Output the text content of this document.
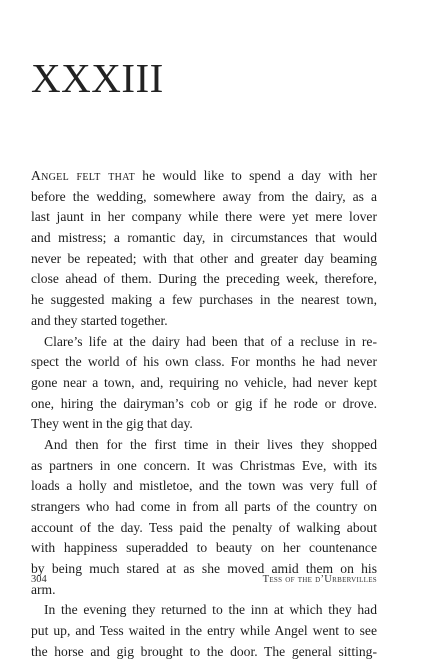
XXXIII
Angel felt that he would like to spend a day with her
before the wedding, somewhere away from the dairy, as a
last jaunt in her company while there were yet mere lover
and mistress; a romantic day, in circumstances that would
never be repeated; with that other and greater day beaming
close ahead of them. During the preceding week, therefore,
he suggested making a few purchases in the nearest town,
and they started together.
Clare’s life at the dairy had been that of a recluse in re-
spect the world of his own class. For months he had never
gone near a town, and, requiring no vehicle, had never kept
one, hiring the dairyman’s cob or gig if he rode or drove.
They went in the gig that day.
And then for the first time in their lives they shopped
as partners in one concern. It was Christmas Eve, with its
loads a holly and mistletoe, and the town was very full of
strangers who had come in from all parts of the country on
account of the day. Tess paid the penalty of walking about
with happiness superadded to beauty on her countenance
by being much stared at as she moved amid them on his
arm.
In the evening they returned to the inn at which they had
put up, and Tess waited in the entry while Angel went to see
the horse and gig brought to the door. The general sitting-
304	Tess of the d’Urbervilles
